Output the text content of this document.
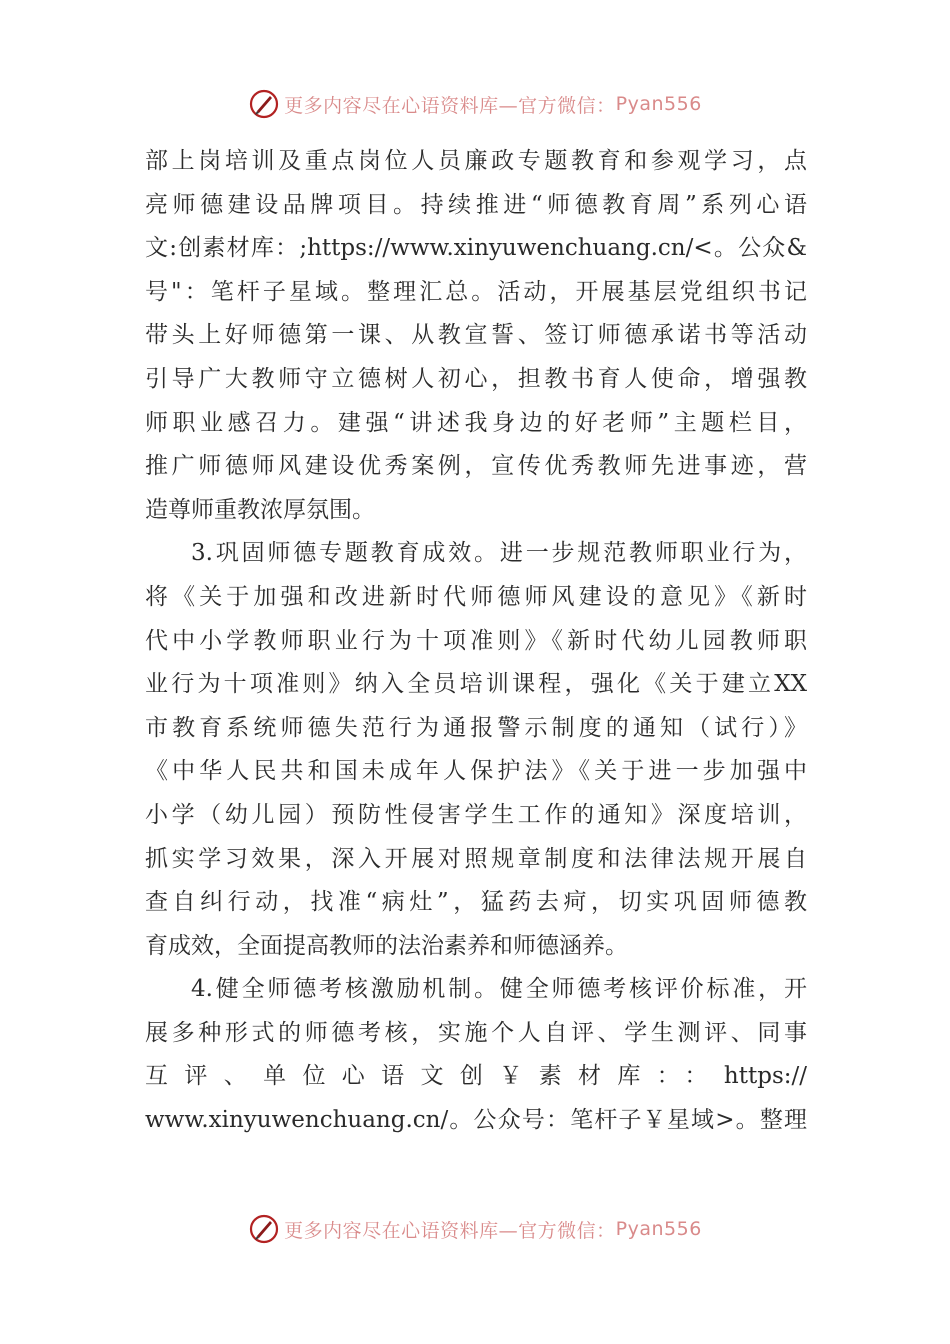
更多内容尽在心语资料库—官方微信： Pyan556
部上岗培训及重点岗位人员廉政专题教育和参观学习，点
亮师德建设品牌项目。持续推进“师德教育周”系列心语
文:创素材库：;https://www.xinyuwenchuang.cn/<。公众&
号"：笔杆子星域。整理汇总。活动，开展基层党组织书记
带头上好师德第一课、从教宣誓、签订师德承诺书等活动
引导广大教师守立德树人初心，担教书育人使命，增强教
师职业感召力。建强“讲述我身边的好老师”主题栏目，
推广师德师风建设优秀案例，宣传优秀教师先进事迹，营
造尊师重教浓厚氛围。
3.巩固师德专题教育成效。进一步规范教师职业行为，
将《关于加强和改进新时代师德师风建设的意见》《新时
代中小学教师职业行为十项准则》《新时代幼儿园教师职
业行为十项准则》纳入全员培训课程，强化《关于建立XX
市教育系统师德失范行为通报警示制度的通知（试行）》
《中华人民共和国未成年人保护法》《关于进一步加强中
小学（幼儿园）预防性侵害学生工作的通知》深度培训，
抓实学习效果，深入开展对照规章制度和法律法规开展自
查自纠行动，找准“病灶”，猛药去疴，切实巩固师德教
育成效，全面提高教师的法治素养和师德涵养。
4.健全师德考核激励机制。健全师德考核评价标准，开
展多种形式的师德考核，实施个人自评、学生测评、同事
互评、单位心语文创￥素材库：：https://
www.xinyuwenchuang.cn/。公众号：笔杆子￥星域>。整理
更多内容尽在心语资料库—官方微信： Pyan556
